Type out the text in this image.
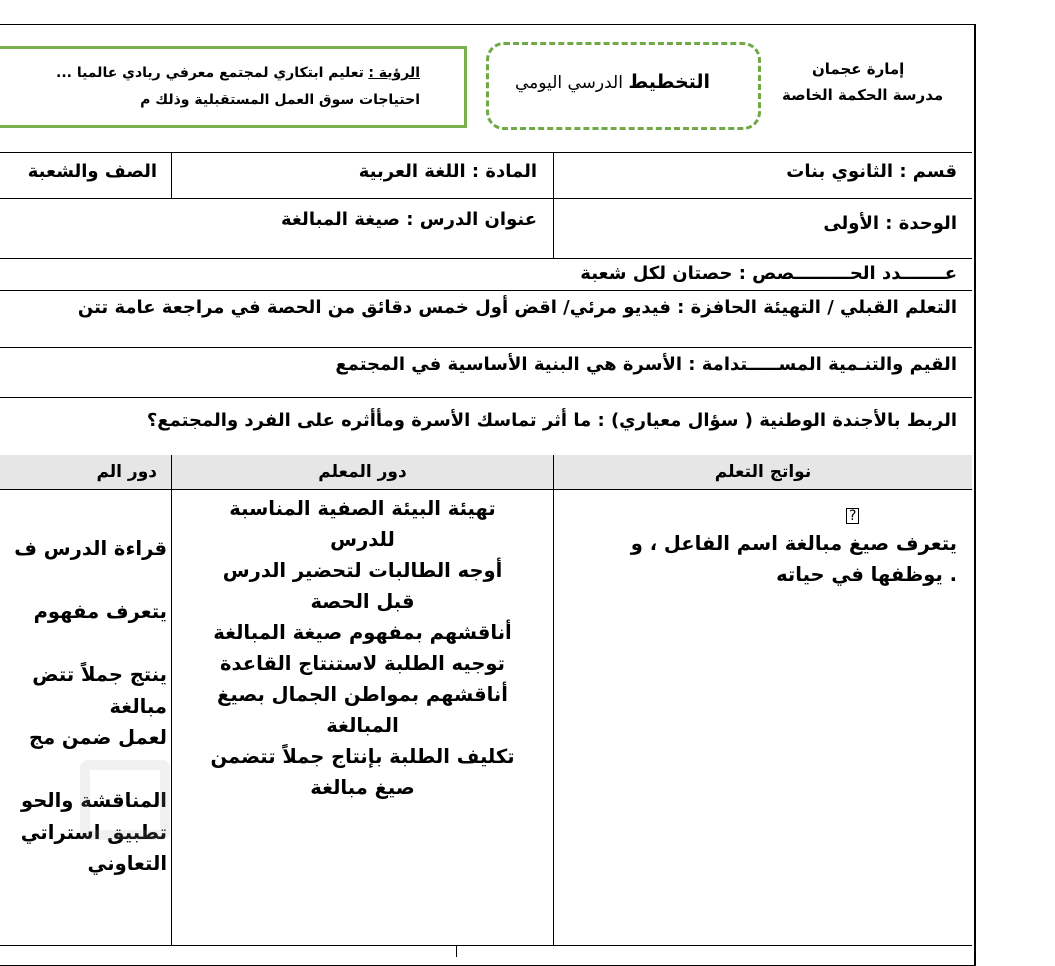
إمارة عجمان
مدرسة الحكمة الخاصة
التخطيط الدرسي اليومي
الرؤية : تعليم ابتكاري لمجتمع معرفي ريادي عالميا ...
احتياجات سوق العمل المستقبلية وذلك م
قسم : الثانوي بنات
المادة : اللغة العربية
الصف والشعبة
الوحدة : الأولى
عنوان الدرس : صيغة المبالغة
عـــــــدد الحـــــــــصص : حصتان لكل شعبة
التعلم القبلي / التهيئة الحافزة : فيديو مرئي/ اقض أول خمس دقائق من الحصة في مراجعة عامة تتن
القيم والتنـمية المســـــتدامة : الأسرة هي البنية الأساسية في المجتمع
الربط بالأجندة الوطنية ( سؤال معياري) : ما أثر تماسك الأسرة ومأأثره على الفرد والمجتمع؟
نواتج التعلم
دور المعلم
دور الم
?
يتعرف صيغ مبالغة اسم الفاعل ، و
. يوظفها في حياته
تهيئة البيئة الصفية المناسبة
للدرس
أوجه الطالبات لتحضير الدرس
قبل الحصة
أناقشهم بمفهوم صيغة المبالغة
توجيه الطلبة لاستنتاج القاعدة
أناقشهم بمواطن الجمال بصيغ
المبالغة
تكليف الطلبة بإنتاج جملاً تتضمن
صيغ مبالغة
قراءة الدرس ف

يتعرف مفهوم

ينتج جملاً تتض
مبالغة
لعمل ضمن مج

المناقشة والحو
تطبيق استراتي
التعاوني
